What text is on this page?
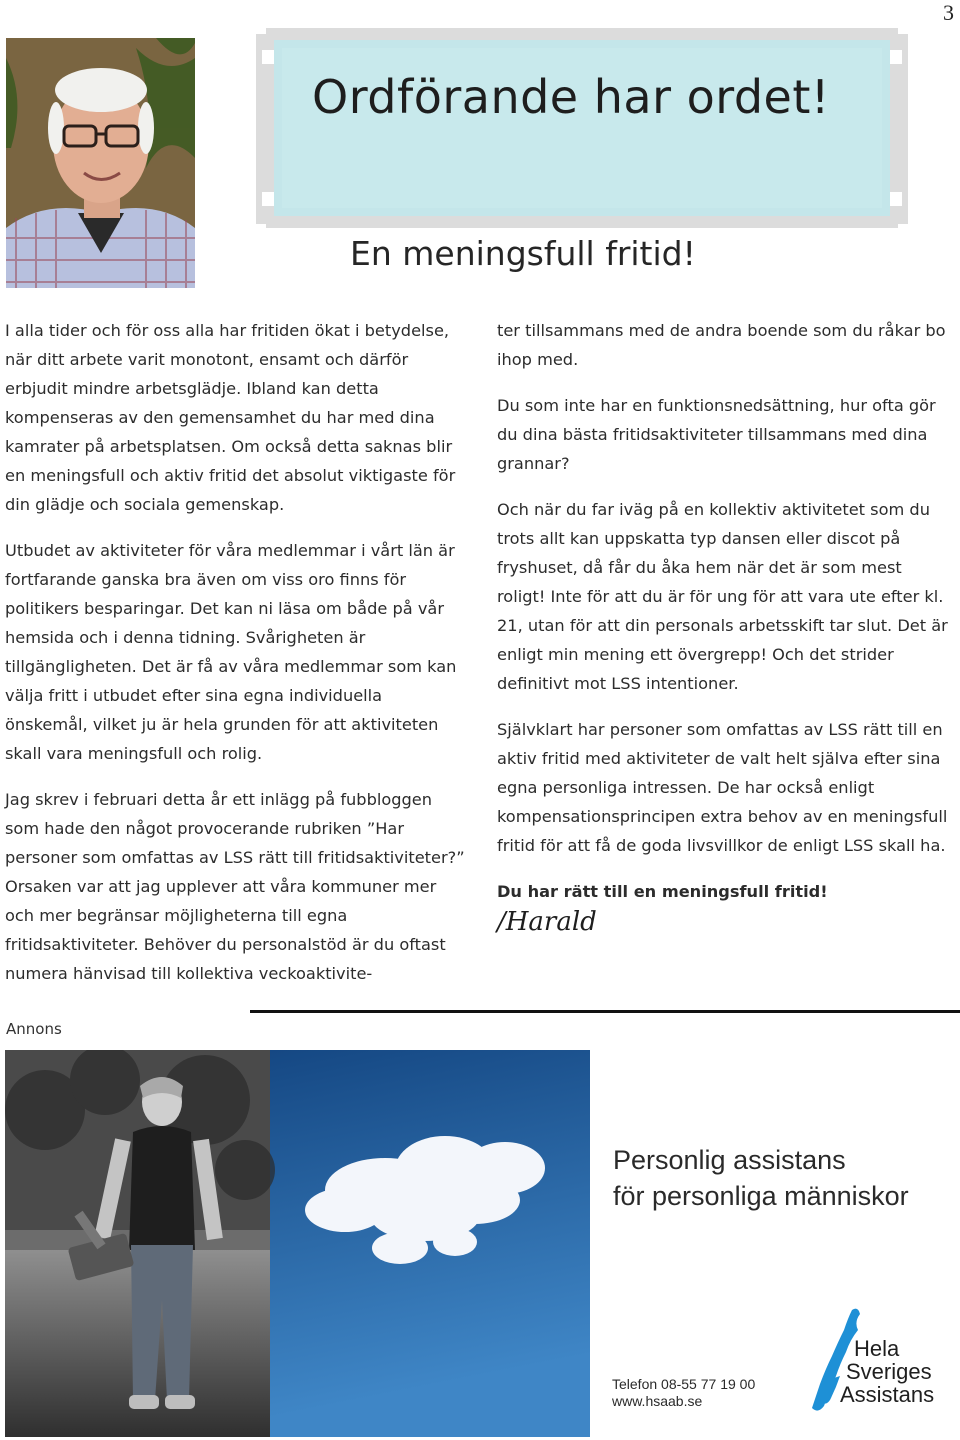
3
Ordförande har ordet!
En meningsfull fritid!

I alla tider och för oss alla har fritiden ökat i betydelse, när ditt arbete varit monotont, ensamt och därför erbjudit mindre arbetsglädje. Ibland kan detta kompenseras av den gemensamhet du har med dina kamrater på arbetsplatsen. Om också detta saknas blir en meningsfull och aktiv fritid det absolut viktigaste för din glädje och sociala gemenskap.

Utbudet av aktiviteter för våra medlemmar i vårt län är fortfarande ganska bra även om viss oro finns för politikers besparingar. Det kan ni läsa om både på vår hemsida och i denna tidning. Svårigheten är tillgängligheten. Det är få av våra medlemmar som kan välja fritt i utbudet efter sina egna individuella önskemål, vilket ju är hela grunden för att aktiviteten skall vara meningsfull och rolig.

Jag skrev i februari detta år ett inlägg på fubbloggen som hade den något provocerande rubriken ”Har personer som omfattas av LSS rätt till fritidsaktiviteter?” Orsaken var att jag upplever att våra kommuner mer och mer begränsar möjligheterna till egna fritidsaktiviteter. Behöver du personalstöd är du oftast numera hänvisad till kollektiva veckoaktivite-

ter tillsammans med de andra boende som du råkar bo ihop med.

Du som inte har en funktionsnedsättning, hur ofta gör du dina bästa fritidsaktiviteter tillsammans med dina grannar?

Och när du far iväg på en kollektiv aktivitetet som du trots allt kan uppskatta typ dansen eller discot på fryshuset, då får du åka hem när det är som mest roligt! Inte för att du är för ung för att vara ute efter kl. 21, utan för att din personals arbetsskift tar slut. Det är enligt min mening ett övergrepp! Och det strider definitivt mot LSS intentioner.

Självklart har personer som omfattas av LSS rätt till en aktiv fritid med aktiviteter de valt helt själva efter sina egna personliga intressen. De har också enligt kompensationsprincipen extra behov av en meningsfull fritid för att få de goda livsvillkor de enligt LSS skall ha.

Du har rätt till en meningsfull fritid!

/Harald
Annons
Personlig assistans
för personliga människor
Hela
Sveriges
Assistans
Telefon 08-55 77 19 00
www.hsaab.se
